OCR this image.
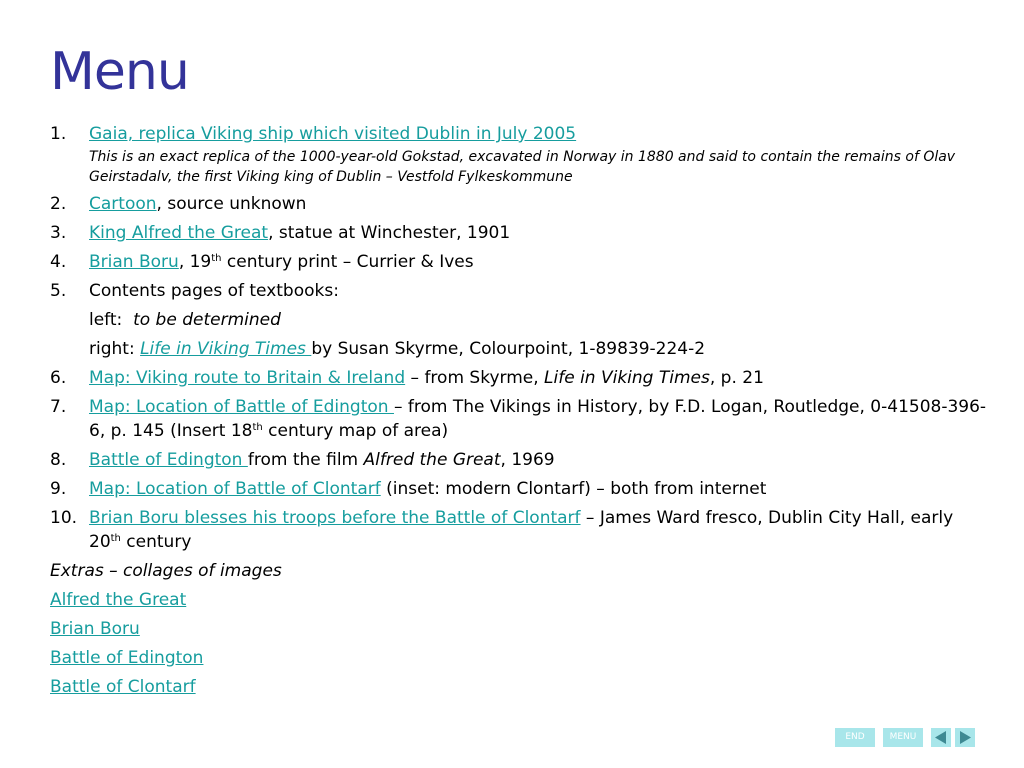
Menu
1. Gaia, replica Viking ship which visited Dublin in July 2005
This is an exact replica of the 1000-year-old Gokstad, excavated in Norway in 1880 and said to contain the remains of Olav Geirstadalv, the first Viking king of Dublin – Vestfold Fylkeskommune
2. Cartoon, source unknown
3. King Alfred the Great, statue at Winchester, 1901
4. Brian Boru, 19th century print – Currier & Ives
5. Contents pages of textbooks:
left: to be determined
right: Life in Viking Times by Susan Skyrme, Colourpoint, 1-89839-224-2
6. Map: Viking route to Britain & Ireland – from Skyrme, Life in Viking Times, p. 21
7. Map: Location of Battle of Edington – from The Vikings in History, by F.D. Logan, Routledge, 0-41508-396-6, p. 145 (Insert 18th century map of area)
8. Battle of Edington from the film Alfred the Great, 1969
9. Map: Location of Battle of Clontarf (inset: modern Clontarf) – both from internet
10. Brian Boru blesses his troops before the Battle of Clontarf – James Ward fresco, Dublin City Hall, early 20th century
Extras – collages of images
Alfred the Great
Brian Boru
Battle of Edington
Battle of Clontarf
END	MENU
